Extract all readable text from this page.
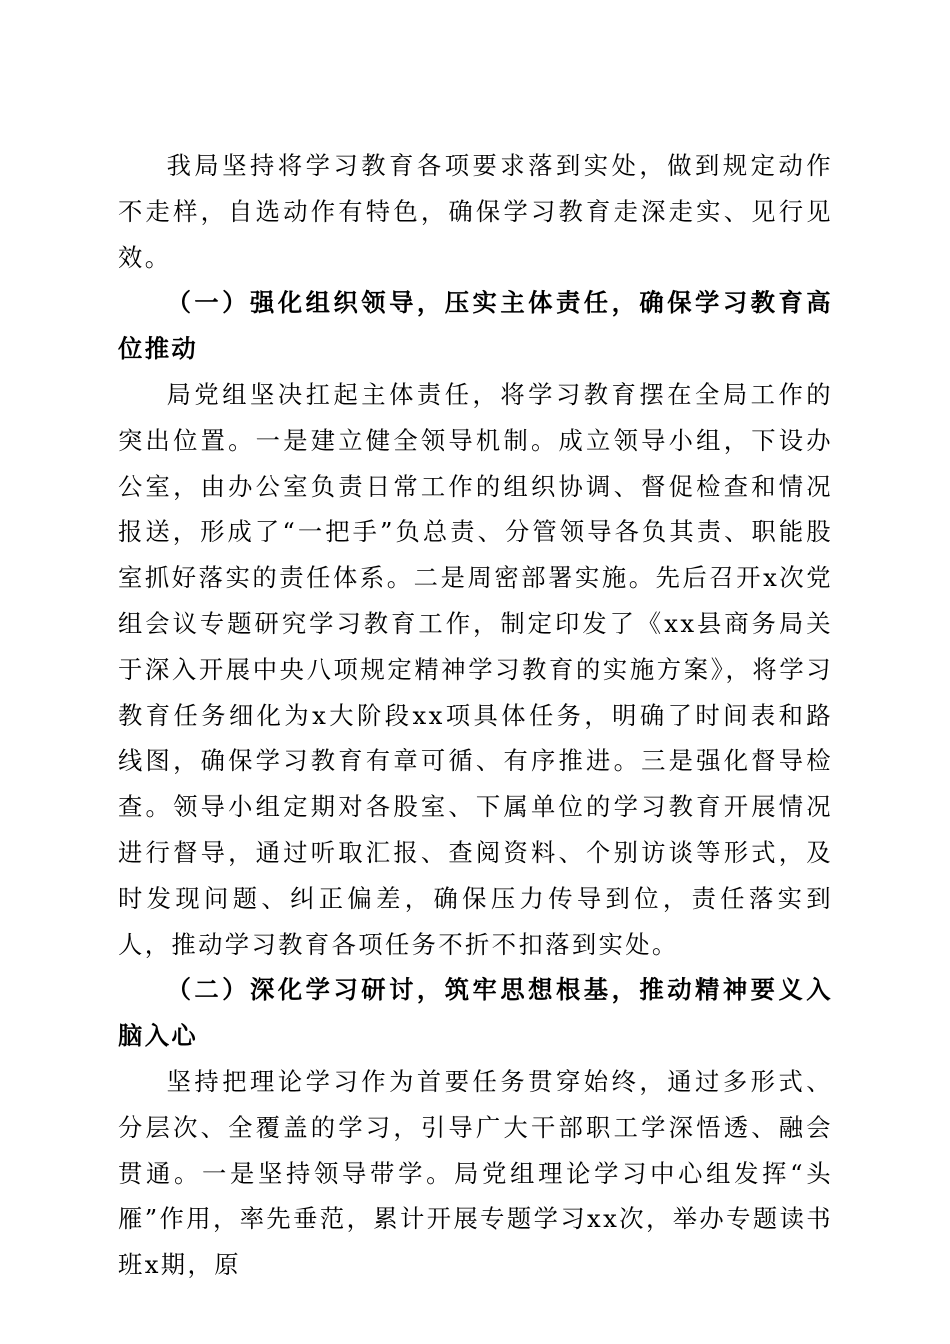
我局坚持将学习教育各项要求落到实处，做到规定动作不走样，自选动作有特色，确保学习教育走深走实、见行见效。

（一）强化组织领导，压实主体责任，确保学习教育高位推动

局党组坚决扛起主体责任，将学习教育摆在全局工作的突出位置。一是建立健全领导机制。成立领导小组，下设办公室，由办公室负责日常工作的组织协调、督促检查和情况报送，形成了“一把手”负总责、分管领导各负其责、职能股室抓好落实的责任体系。二是周密部署实施。先后召开x次党组会议专题研究学习教育工作，制定印发了《xx县商务局关于深入开展中央八项规定精神学习教育的实施方案》，将学习教育任务细化为x大阶段xx项具体任务，明确了时间表和路线图，确保学习教育有章可循、有序推进。三是强化督导检查。领导小组定期对各股室、下属单位的学习教育开展情况进行督导，通过听取汇报、查阅资料、个别访谈等形式，及时发现问题、纠正偏差，确保压力传导到位，责任落实到人，推动学习教育各项任务不折不扣落到实处。

（二）深化学习研讨，筑牢思想根基，推动精神要义入脑入心

坚持把理论学习作为首要任务贯穿始终，通过多形式、分层次、全覆盖的学习，引导广大干部职工学深悟透、融会贯通。一是坚持领导带学。局党组理论学习中心组发挥“头雁”作用，率先垂范，累计开展专题学习xx次，举办专题读书班x期，原
